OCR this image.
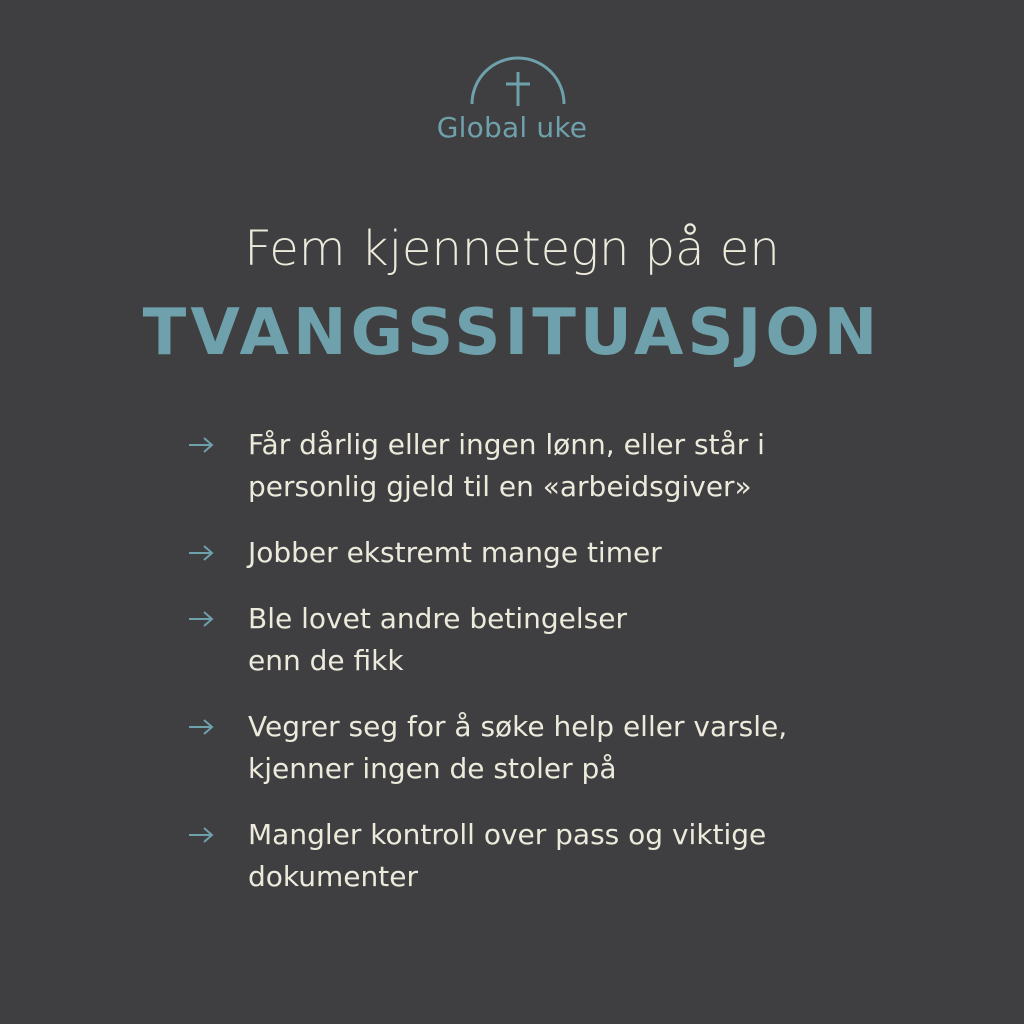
Global uke
Fem kjennetegn på en
TVANGSSITUASJON
Får dårlig eller ingen lønn, eller står i
personlig gjeld til en «arbeidsgiver»
Jobber ekstremt mange timer
Ble lovet andre betingelser
enn de fikk
Vegrer seg for å søke help eller varsle,
kjenner ingen de stoler på
Mangler kontroll over pass og viktige
dokumenter
